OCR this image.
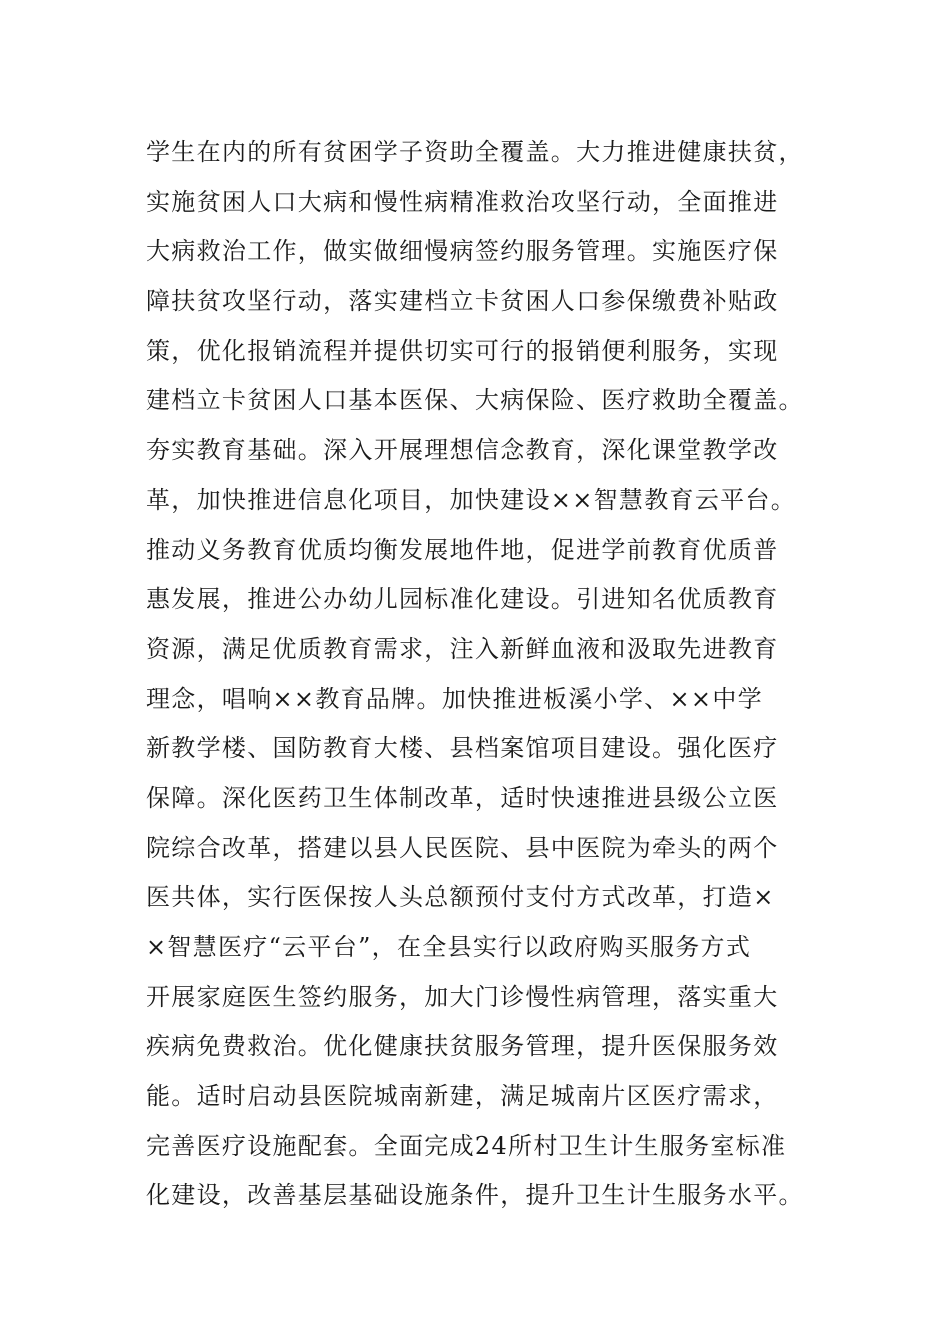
学生在内的所有贫困学子资助全覆盖。大力推进健康扶贫，
实施贫困人口大病和慢性病精准救治攻坚行动，全面推进
大病救治工作，做实做细慢病签约服务管理。实施医疗保
障扶贫攻坚行动，落实建档立卡贫困人口参保缴费补贴政
策，优化报销流程并提供切实可行的报销便利服务，实现
建档立卡贫困人口基本医保、大病保险、医疗救助全覆盖。
夯实教育基础。深入开展理想信念教育，深化课堂教学改
革，加快推进信息化项目，加快建设××智慧教育云平台。
推动义务教育优质均衡发展地件地，促进学前教育优质普
惠发展，推进公办幼儿园标准化建设。引进知名优质教育
资源，满足优质教育需求，注入新鲜血液和汲取先进教育
理念，唱响××教育品牌。加快推进板溪小学、××中学
新教学楼、国防教育大楼、县档案馆项目建设。强化医疗
保障。深化医药卫生体制改革，适时快速推进县级公立医
院综合改革，搭建以县人民医院、县中医院为牵头的两个
医共体，实行医保按人头总额预付支付方式改革，打造×
×智慧医疗“云平台”，在全县实行以政府购买服务方式
开展家庭医生签约服务，加大门诊慢性病管理，落实重大
疾病免费救治。优化健康扶贫服务管理，提升医保服务效
能。适时启动县医院城南新建，满足城南片区医疗需求，
完善医疗设施配套。全面完成24所村卫生计生服务室标准
化建设，改善基层基础设施条件，提升卫生计生服务水平。
